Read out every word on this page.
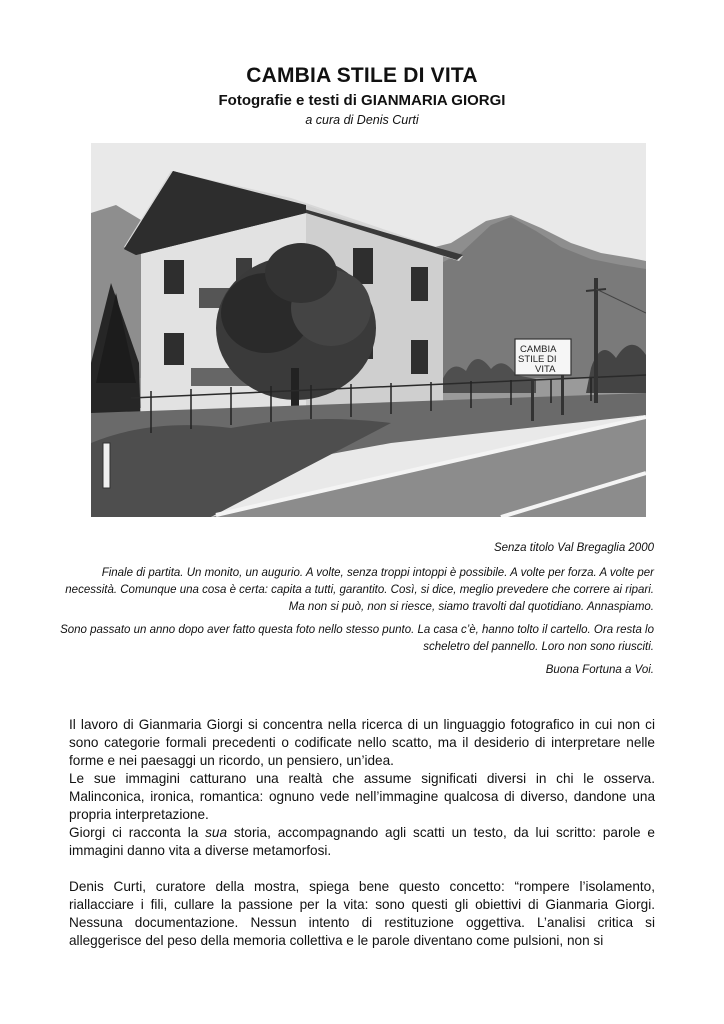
CAMBIA STILE DI VITA

Fotografie e testi di GIANMARIA GIORGI

a cura di Denis Curti

CAMBIA
STILE DI
VITA

Senza titolo Val Bregaglia 2000

Finale di partita. Un monito, un augurio. A volte, senza troppi intoppi è possibile. A volte per forza. A volte per necessità. Comunque una cosa è certa: capita a tutti, garantito. Così, si dice, meglio prevedere che correre ai ripari. Ma non si può, non si riesce, siamo travolti dal quotidiano. Annaspiamo.

Sono passato un anno dopo aver fatto questa foto nello stesso punto. La casa c’è, hanno tolto il cartello. Ora resta lo scheletro del pannello. Loro non sono riusciti.

Buona Fortuna a Voi.

Il lavoro di Gianmaria Giorgi si concentra nella ricerca di un linguaggio fotografico in cui non ci sono categorie formali precedenti o codificate nello scatto, ma il desiderio di interpretare nelle forme e nei paesaggi un ricordo, un pensiero, un’idea.

Le sue immagini catturano una realtà che assume significati diversi in chi le osserva. Malinconica, ironica, romantica: ognuno vede nell’immagine qualcosa di diverso, dandone una propria interpretazione.

Giorgi ci racconta la sua storia, accompagnando agli scatti un testo, da lui scritto: parole e immagini danno vita a diverse metamorfosi.

Denis Curti, curatore della mostra, spiega bene questo concetto: “rompere l’isolamento, riallacciare i fili, cullare la passione per la vita: sono questi gli obiettivi di Gianmaria Giorgi. Nessuna documentazione. Nessun intento di restituzione oggettiva. L’analisi critica si alleggerisce del peso della memoria collettiva e le parole diventano come pulsioni, non si
